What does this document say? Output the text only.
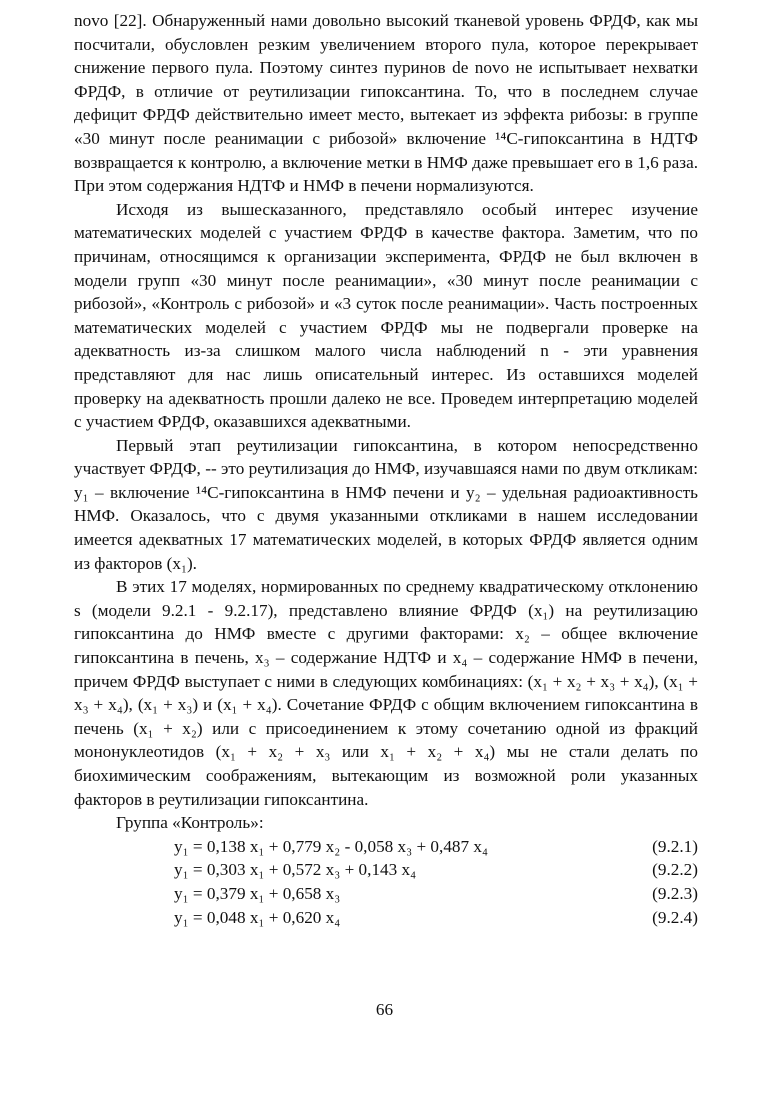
novo [22]. Обнаруженный нами довольно высокий тканевой уровень ФРДФ, как мы посчитали, обусловлен резким увеличением второго пула, которое перекрывает снижение первого пула. Поэтому синтез пуринов de novo не испытывает нехватки ФРДФ, в отличие от реутилизации гипоксантина. То, что в последнем случае дефицит ФРДФ действительно имеет место, вытекает из эффекта рибозы: в группе «30 минут после реанимации с рибозой» включение ¹⁴С-гипоксантина в НДТФ возвращается к контролю, а включение метки в НМФ даже превышает его в 1,6 раза. При этом содержания НДТФ и НМФ в печени нормализуются.

Исходя из вышесказанного, представляло особый интерес изучение математических моделей с участием ФРДФ в качестве фактора. Заметим, что по причинам, относящимся к организации эксперимента, ФРДФ не был включен в модели групп «30 минут после реанимации», «30 минут после реанимации с рибозой», «Контроль с рибозой» и «3 суток после реанимации». Часть построенных математических моделей с участием ФРДФ мы не подвергали проверке на адекватность из-за слишком малого числа наблюдений n - эти уравнения представляют для нас лишь описательный интерес. Из оставшихся моделей проверку на адекватность прошли далеко не все. Проведем интерпретацию моделей с участием ФРДФ, оказавшихся адекватными.

Первый этап реутилизации гипоксантина, в котором непосредственно участвует ФРДФ, -- это реутилизация до НМФ, изучавшаяся нами по двум откликам: y₁ – включение ¹⁴С-гипоксантина в НМФ печени и y₂ – удельная радиоактивность НМФ. Оказалось, что с двумя указанными откликами в нашем исследовании имеется адекватных 17 математических моделей, в которых ФРДФ является одним из факторов (x₁).

В этих 17 моделях, нормированных по среднему квадратическому отклонению s (модели 9.2.1 - 9.2.17), представлено влияние ФРДФ (x₁) на реутилизацию гипоксантина до НМФ вместе с другими факторами: x₂ – общее включение гипоксантина в печень, x₃ – содержание НДТФ и x₄ – содержание НМФ в печени, причем ФРДФ выступает с ними в следующих комбинациях: (x₁ + x₂ + x₃ + x₄), (x₁ + x₃ + x₄), (x₁ + x₃) и (x₁ + x₄). Сочетание ФРДФ с общим включением гипоксантина в печень (x₁ + x₂) или с присоединением к этому сочетанию одной из фракций мононуклеотидов (x₁ + x₂ + x₃ или x₁ + x₂ + x₄) мы не стали делать по биохимическим соображениям, вытекающим из возможной роли указанных факторов в реутилизации гипоксантина.

Группа «Контроль»:

y₁ = 0,138 x₁ + 0,779 x₂ - 0,058 x₃ + 0,487 x₄	(9.2.1)
y₁ = 0,303 x₁ + 0,572 x₃ + 0,143 x₄	(9.2.2)
y₁ = 0,379 x₁ + 0,658 x₃	(9.2.3)
y₁ = 0,048 x₁ + 0,620 x₄	(9.2.4)
66
